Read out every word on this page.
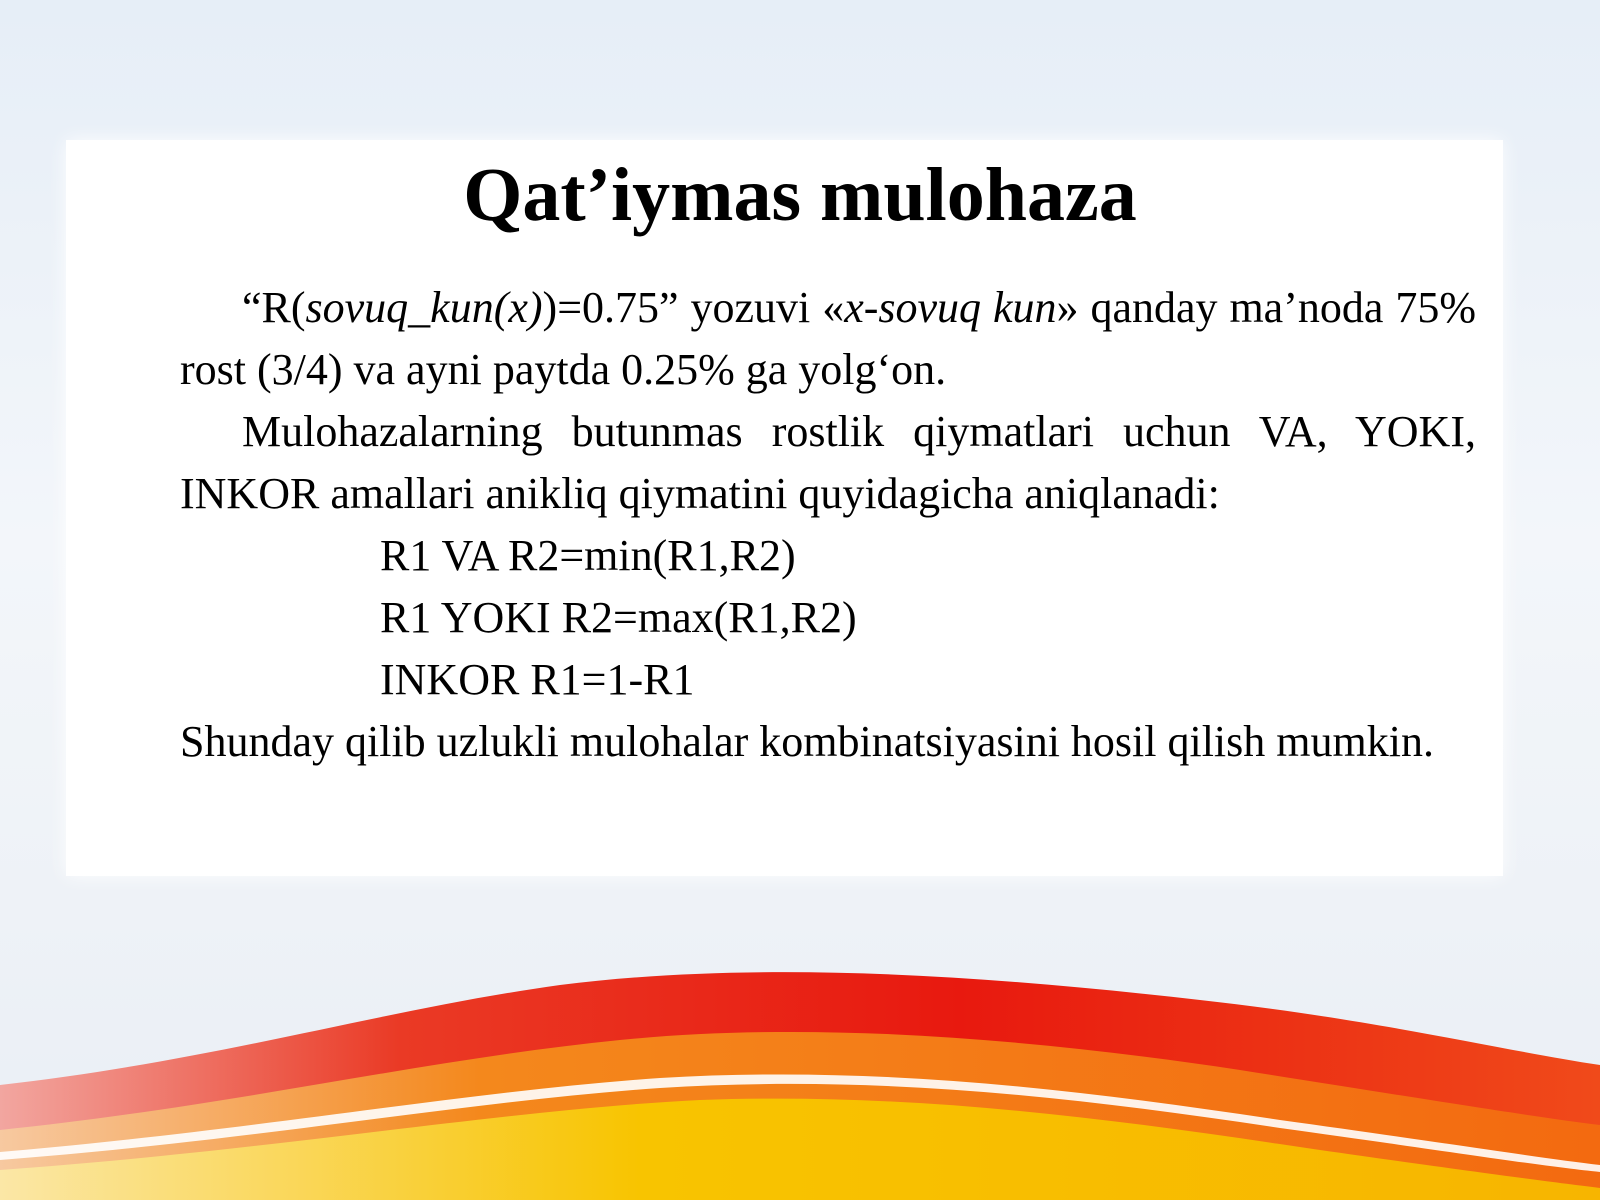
Qat’iymas mulohaza

“R(sovuq_kun(x))=0.75” yozuvi «x-sovuq kun» qanday ma’noda 75% rost (3/4) va ayni paytda 0.25% ga yolg‘on.

Mulohazalarning butunmas rostlik qiymatlari uchun VA, YOKI, INKOR amallari anikliq qiymatini quyidagicha aniqlanadi:

R1 VA R2=min(R1,R2)

R1 YOKI R2=max(R1,R2)

INKOR R1=1-R1

Shunday qilib uzlukli mulohalar kombinatsiyasini hosil qilish mumkin.
